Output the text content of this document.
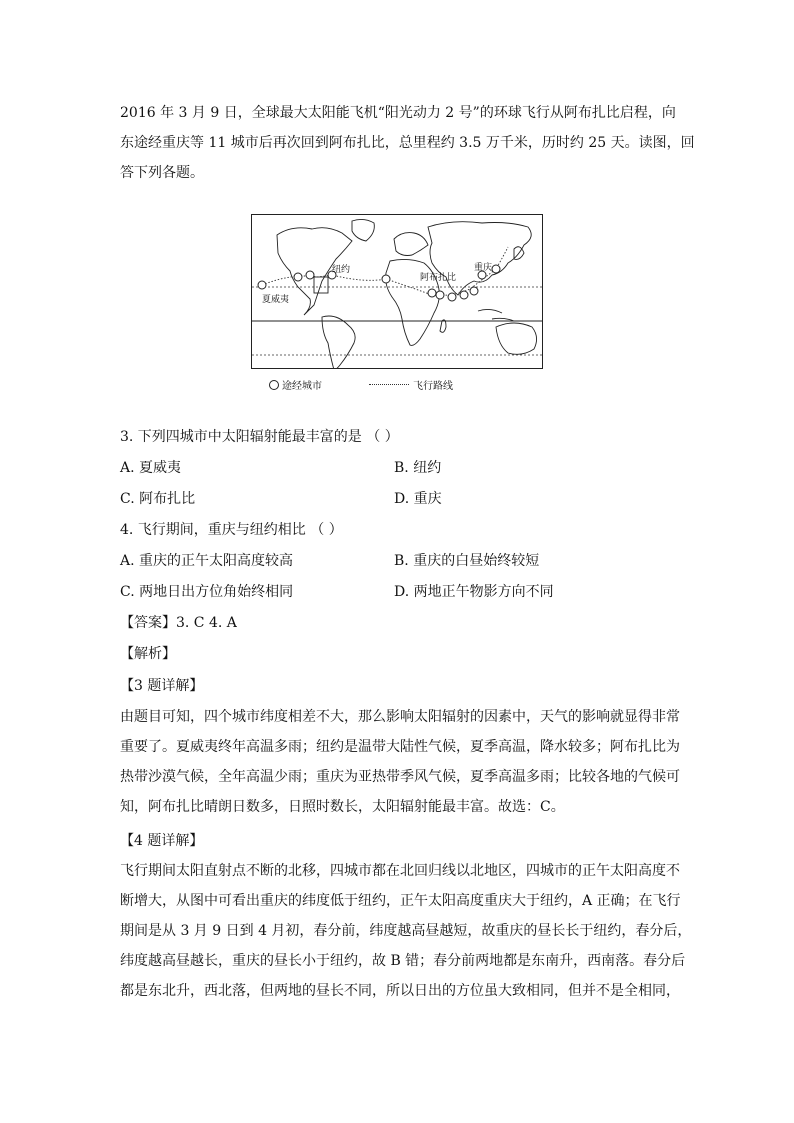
2016 年 3 月 9 日，全球最大太阳能飞机“阳光动力 2 号”的环球飞行从阿布扎比启程，向
东途经重庆等 11 城市后再次回到阿布扎比，总里程约 3.5 万千米，历时约 25 天。读图，回
答下列各题。
夏威夷
纽约
阿布扎比
重庆
途经城市	飞行路线
3. 下列四城市中太阳辐射能最丰富的是 （ ）
A. 夏威夷	B. 纽约
C. 阿布扎比	D. 重庆
4. 飞行期间，重庆与纽约相比 （ ）
A. 重庆的正午太阳高度较高	B. 重庆的白昼始终较短
C. 两地日出方位角始终相同	D. 两地正午物影方向不同
【答案】3. C 4. A
【解析】
【3 题详解】
由题目可知，四个城市纬度相差不大，那么影响太阳辐射的因素中，天气的影响就显得非常
重要了。夏威夷终年高温多雨；纽约是温带大陆性气候，夏季高温，降水较多；阿布扎比为
热带沙漠气候，全年高温少雨；重庆为亚热带季风气候，夏季高温多雨；比较各地的气候可
知，阿布扎比晴朗日数多，日照时数长，太阳辐射能最丰富。故选：C。
【4 题详解】
飞行期间太阳直射点不断的北移，四城市都在北回归线以北地区，四城市的正午太阳高度不
断增大，从图中可看出重庆的纬度低于纽约，正午太阳高度重庆大于纽约，A 正确；在飞行
期间是从 3 月 9 日到 4 月初，春分前，纬度越高昼越短，故重庆的昼长长于纽约，春分后，
纬度越高昼越长，重庆的昼长小于纽约，故 B 错；春分前两地都是东南升，西南落。春分后
都是东北升，西北落，但两地的昼长不同，所以日出的方位虽大致相同，但并不是全相同，
